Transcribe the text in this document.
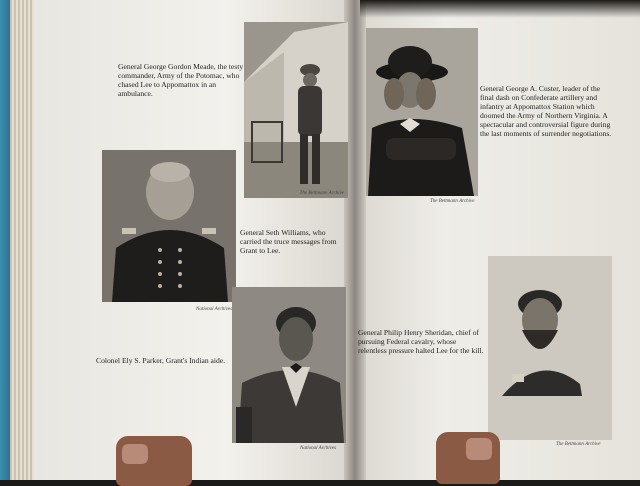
General George Gordon Meade, the testy commander, Army of the Potomac, who chased Lee to Appomattox in an ambulance.
The Bettmann Archive
National Archives
General Seth Williams, who carried the truce messages from Grant to Lee.
Colonel Ely S. Parker, Grant's Indian aide.
National Archives
The Bettmann Archive
General George A. Custer, leader of the final dash on Confederate artillery and infantry at Appomattox Station which doomed the Army of Northern Virginia. A spectacular and controversial figure during the last moments of surrender negotiations.
General Philip Henry Sheridan, chief of pursuing Federal cavalry, whose relentless pressure halted Lee for the kill.
The Bettmann Archive
